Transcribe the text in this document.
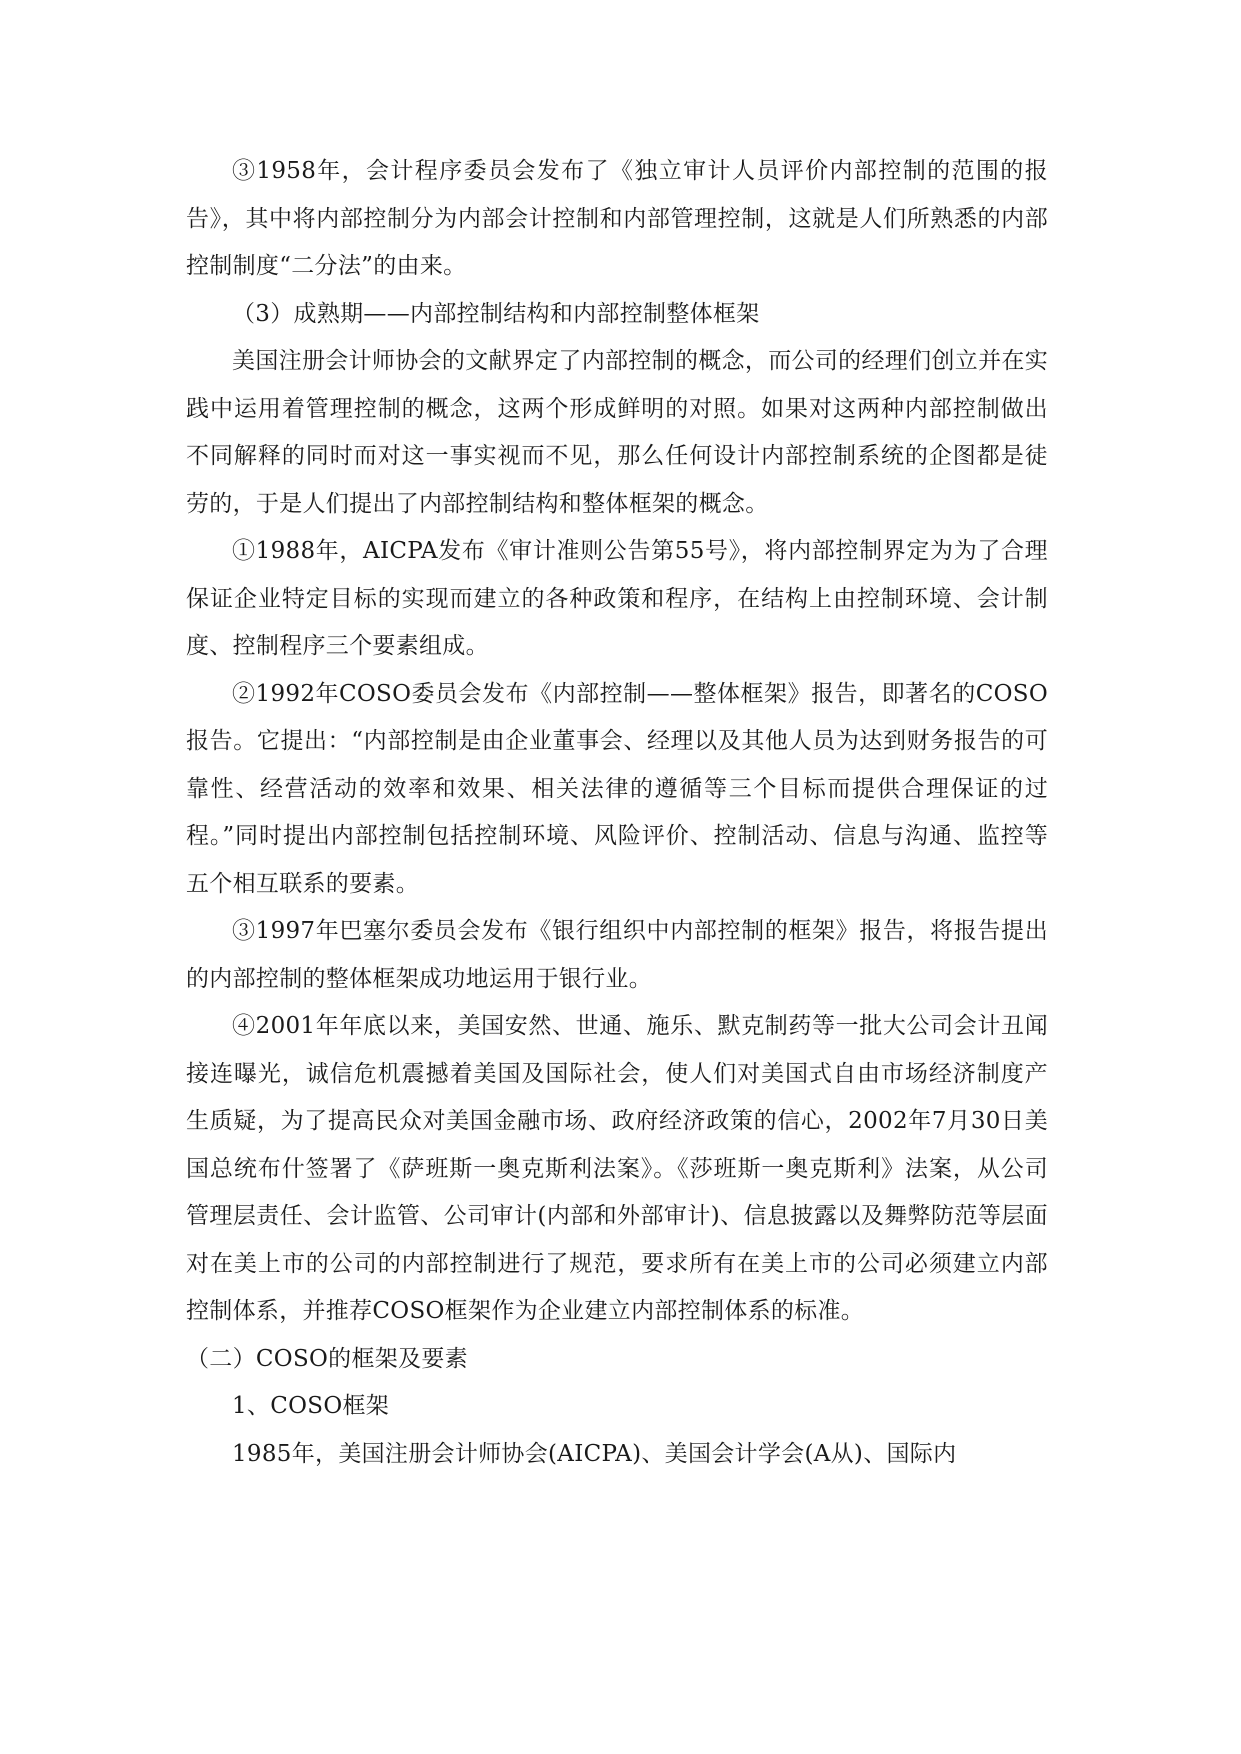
③1958年，会计程序委员会发布了《独立审计人员评价内部控制的范围的报告》，其中将内部控制分为内部会计控制和内部管理控制，这就是人们所熟悉的内部控制制度“二分法”的由来。

（3）成熟期——内部控制结构和内部控制整体框架

美国注册会计师协会的文献界定了内部控制的概念，而公司的经理们创立并在实践中运用着管理控制的概念，这两个形成鲜明的对照。如果对这两种内部控制做出不同解释的同时而对这一事实视而不见，那么任何设计内部控制系统的企图都是徒劳的，于是人们提出了内部控制结构和整体框架的概念。

①1988年，AICPA发布《审计准则公告第55号》，将内部控制界定为为了合理保证企业特定目标的实现而建立的各种政策和程序，在结构上由控制环境、会计制度、控制程序三个要素组成。

②1992年COSO委员会发布《内部控制——整体框架》报告，即著名的COSO报告。它提出：“内部控制是由企业董事会、经理以及其他人员为达到财务报告的可靠性、经营活动的效率和效果、相关法律的遵循等三个目标而提供合理保证的过程。”同时提出内部控制包括控制环境、风险评价、控制活动、信息与沟通、监控等五个相互联系的要素。

③1997年巴塞尔委员会发布《银行组织中内部控制的框架》报告，将报告提出的内部控制的整体框架成功地运用于银行业。

④2001年年底以来，美国安然、世通、施乐、默克制药等一批大公司会计丑闻接连曝光，诚信危机震撼着美国及国际社会，使人们对美国式自由市场经济制度产生质疑，为了提高民众对美国金融市场、政府经济政策的信心，2002年7月30日美国总统布什签署了《萨班斯一奥克斯利法案》。《莎班斯一奥克斯利》法案，从公司管理层责任、会计监管、公司审计(内部和外部审计)、信息披露以及舞弊防范等层面对在美上市的公司的内部控制进行了规范，要求所有在美上市的公司必须建立内部控制体系，并推荐COSO框架作为企业建立内部控制体系的标准。

（二）COSO的框架及要素

1、COSO框架

1985年，美国注册会计师协会(AICPA)、美国会计学会(A从)、国际内
